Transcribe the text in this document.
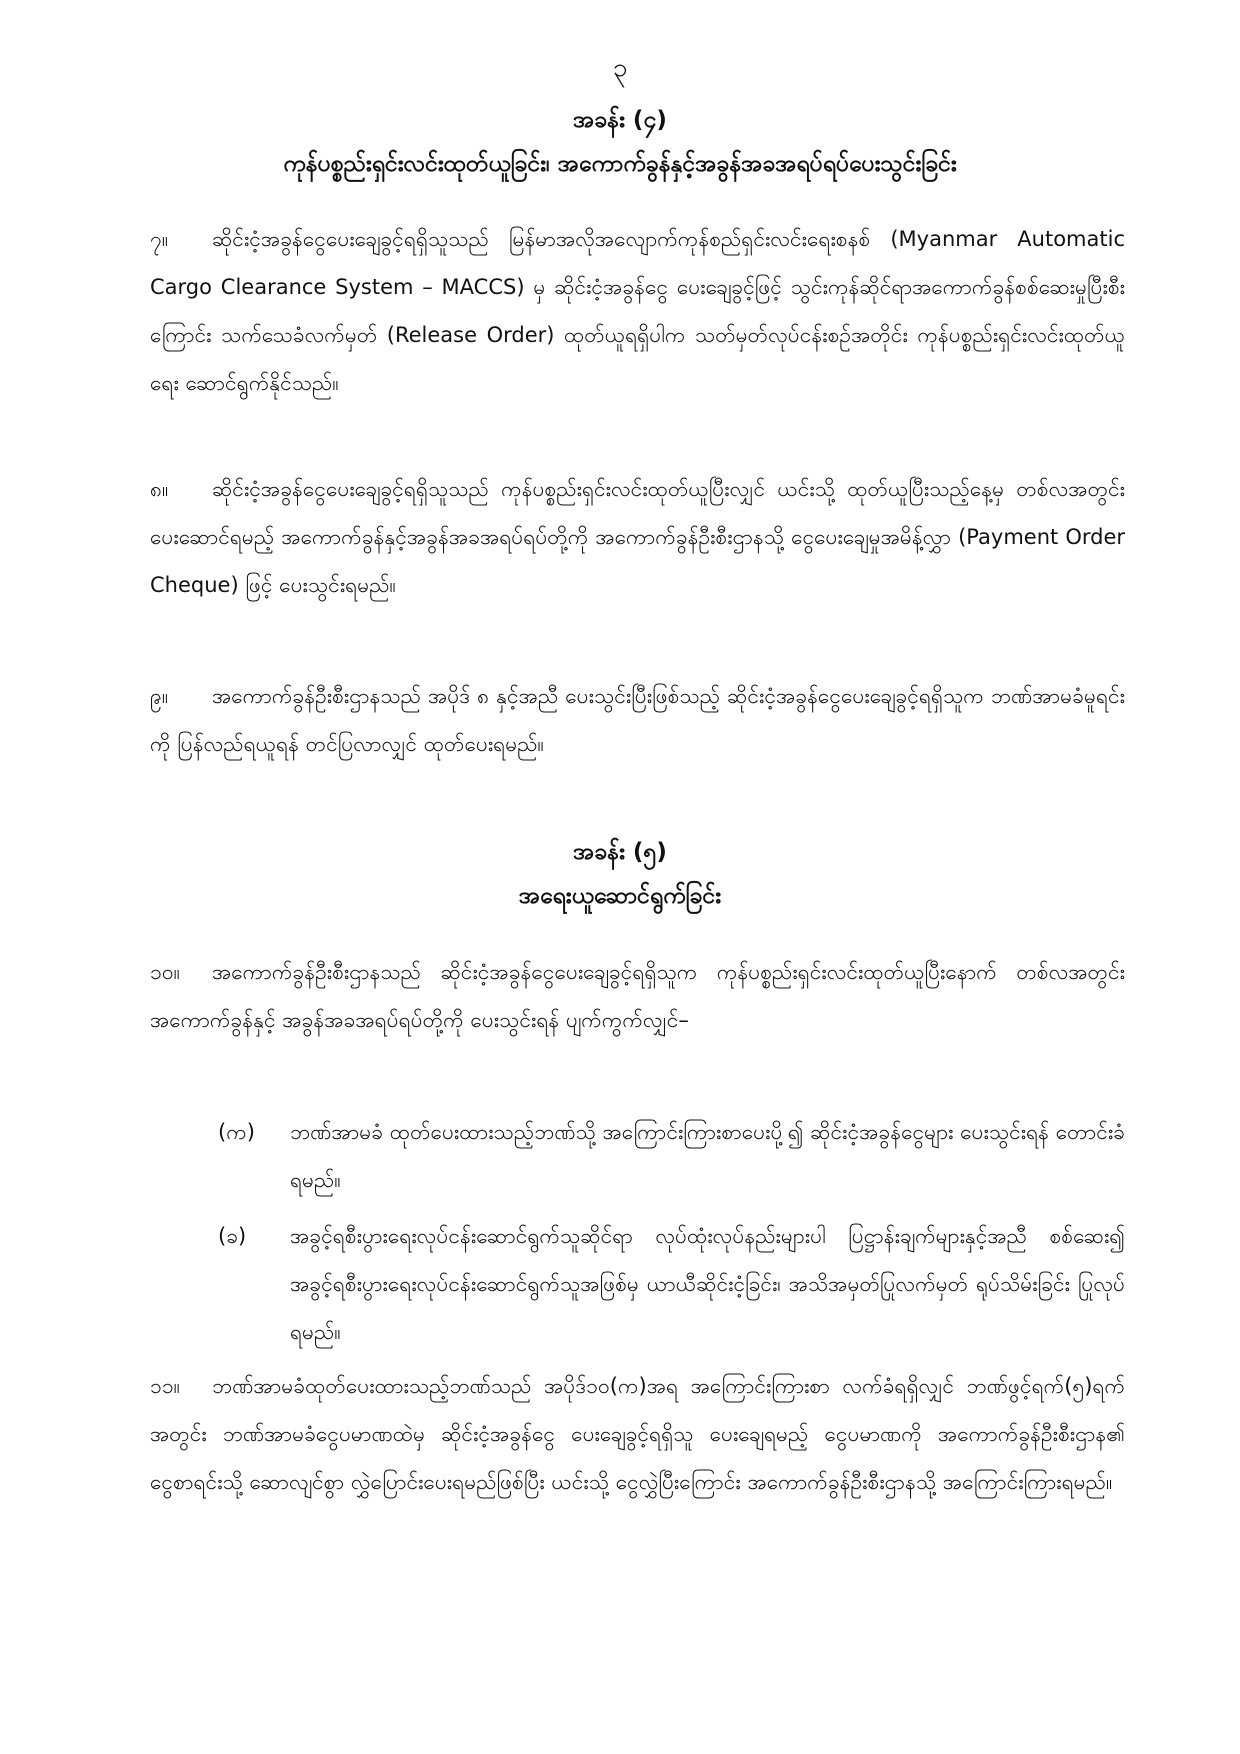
၃
အခန်း (၄)
ကုန်ပစ္စည်းရှင်းလင်းထုတ်ယူခြင်း၊ အကောက်ခွန်နှင့်အခွန်အခအရပ်ရပ်ပေးသွင်းခြင်း
၇။ ဆိုင်းငံ့အခွန်ငွေပေးချေခွင့်ရရှိသူသည် မြန်မာအလိုအလျောက်ကုန်စည်ရှင်းလင်းရေးစနစ် (Myanmar Automatic Cargo Clearance System – MACCS) မှ ဆိုင်းငံ့အခွန်ငွေ ပေးချေခွင့်ဖြင့် သွင်းကုန်ဆိုင်ရာအကောက်ခွန်စစ်ဆေးမှုပြီးစီးကြောင်း သက်သေခံလက်မှတ် (Release Order) ထုတ်ယူရရှိပါက သတ်မှတ်လုပ်ငန်းစဉ်အတိုင်း ကုန်ပစ္စည်းရှင်းလင်းထုတ်ယူရေး ဆောင်ရွက်နိုင်သည်။
၈။ ဆိုင်းငံ့အခွန်ငွေပေးချေခွင့်ရရှိသူသည် ကုန်ပစ္စည်းရှင်းလင်းထုတ်ယူပြီးလျှင် ယင်းသို့ ထုတ်ယူပြီးသည့်နေ့မှ တစ်လအတွင်း ပေးဆောင်ရမည့် အကောက်ခွန်နှင့်အခွန်အခအရပ်ရပ်တို့ကို အကောက်ခွန်ဦးစီးဌာနသို့ ငွေပေးချေမှုအမိန့်လွှာ (Payment Order Cheque) ဖြင့် ပေးသွင်းရမည်။
၉။ အကောက်ခွန်ဦးစီးဌာနသည် အပိုဒ် ၈ နှင့်အညီ ပေးသွင်းပြီးဖြစ်သည့် ဆိုင်းငံ့အခွန်ငွေပေးချေခွင့်ရရှိသူက ဘဏ်အာမခံမူရင်းကို ပြန်လည်ရယူရန် တင်ပြလာလျှင် ထုတ်ပေးရမည်။
အခန်း (၅)
အရေးယူဆောင်ရွက်ခြင်း
၁၀။ အကောက်ခွန်ဦးစီးဌာနသည် ဆိုင်းငံ့အခွန်ငွေပေးချေခွင့်ရရှိသူက ကုန်ပစ္စည်းရှင်းလင်းထုတ်ယူပြီးနောက် တစ်လအတွင်း အကောက်ခွန်နှင့် အခွန်အခအရပ်ရပ်တို့ကို ပေးသွင်းရန် ပျက်ကွက်လျှင်–
(က)	ဘဏ်အာမခံ ထုတ်ပေးထားသည့်ဘဏ်သို့ အကြောင်းကြားစာပေးပို့၍ ဆိုင်းငံ့အခွန်ငွေများ ပေးသွင်းရန် တောင်းခံရမည်။
(ခ)	အခွင့်ရစီးပွားရေးလုပ်ငန်းဆောင်ရွက်သူဆိုင်ရာ လုပ်ထုံးလုပ်နည်းများပါ ပြဋ္ဌာန်းချက်များနှင့်အညီ စစ်ဆေး၍ အခွင့်ရစီးပွားရေးလုပ်ငန်းဆောင်ရွက်သူအဖြစ်မှ ယာယီဆိုင်းငံ့ခြင်း၊ အသိအမှတ်ပြုလက်မှတ် ရုပ်သိမ်းခြင်း ပြုလုပ်ရမည်။
၁၁။ ဘဏ်အာမခံထုတ်ပေးထားသည့်ဘဏ်သည် အပိုဒ်၁၀(က)အရ အကြောင်းကြားစာ လက်ခံရရှိလျှင် ဘဏ်ဖွင့်ရက်(၅)ရက်အတွင်း ဘဏ်အာမခံငွေပမာဏထဲမှ ဆိုင်းငံ့အခွန်ငွေ ပေးချေခွင့်ရရှိသူ ပေးချေရမည့် ငွေပမာဏကို အကောက်ခွန်ဦးစီးဌာန၏ ငွေစာရင်းသို့ ဆောလျင်စွာ လွှဲပြောင်းပေးရမည်ဖြစ်ပြီး ယင်းသို့ ငွေလွှဲပြီးကြောင်း အကောက်ခွန်ဦးစီးဌာနသို့ အကြောင်းကြားရမည်။
